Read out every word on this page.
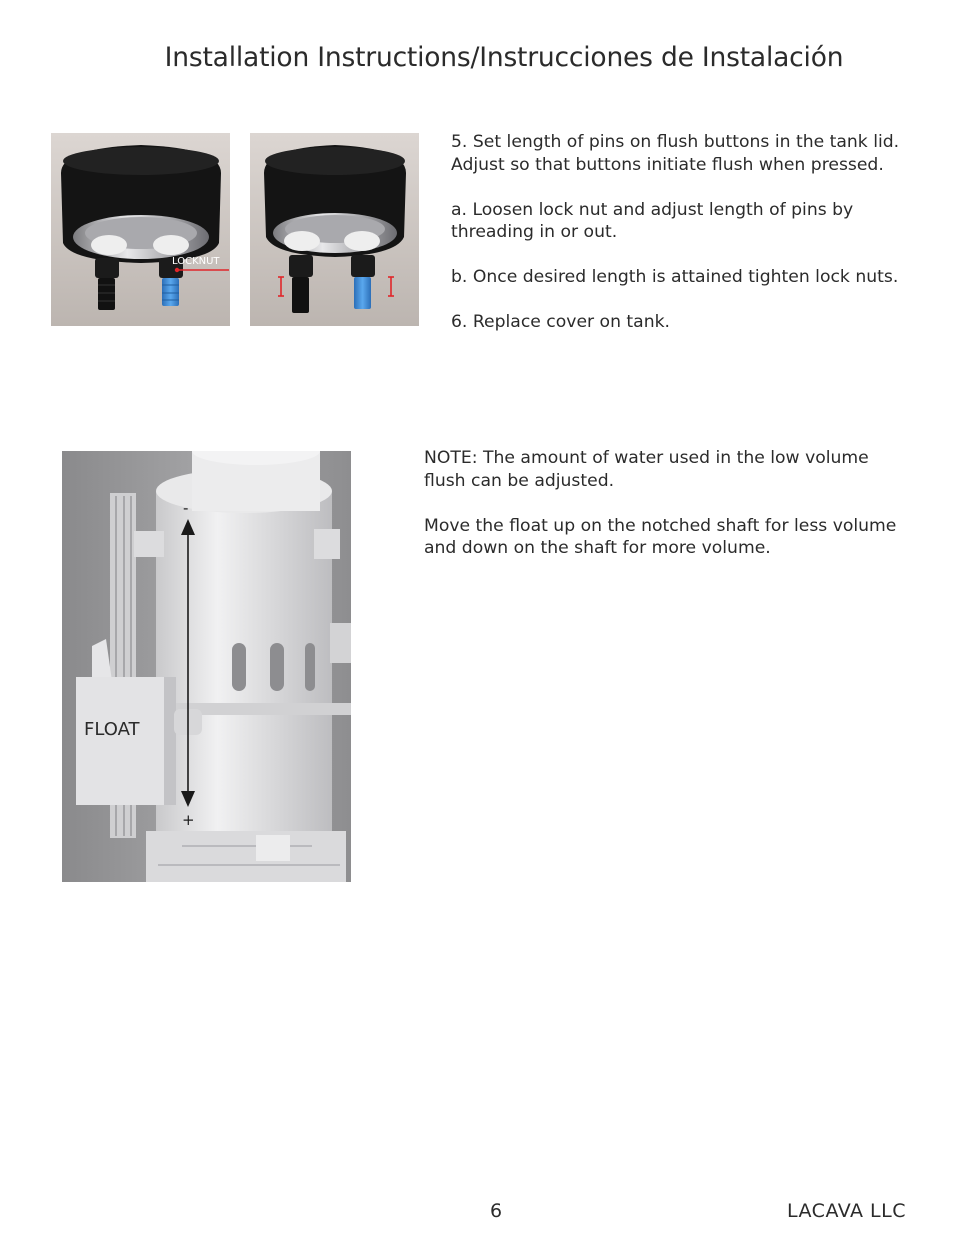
Installation Instructions/Instrucciones de Instalación
LOCKNUT

5. Set length of pins on flush buttons in the tank lid. Adjust so that buttons initiate flush when pressed.

a. Loosen lock nut and adjust length of pins by threading in or out.

b. Once desired length is attained tighten lock nuts.

6. Replace cover on tank.

FLOAT
-
+

NOTE: The amount of water used in the low volume flush can be adjusted.

Move the float up on the notched shaft for less volume and down on the shaft for more volume.

6	LACAVA LLC
